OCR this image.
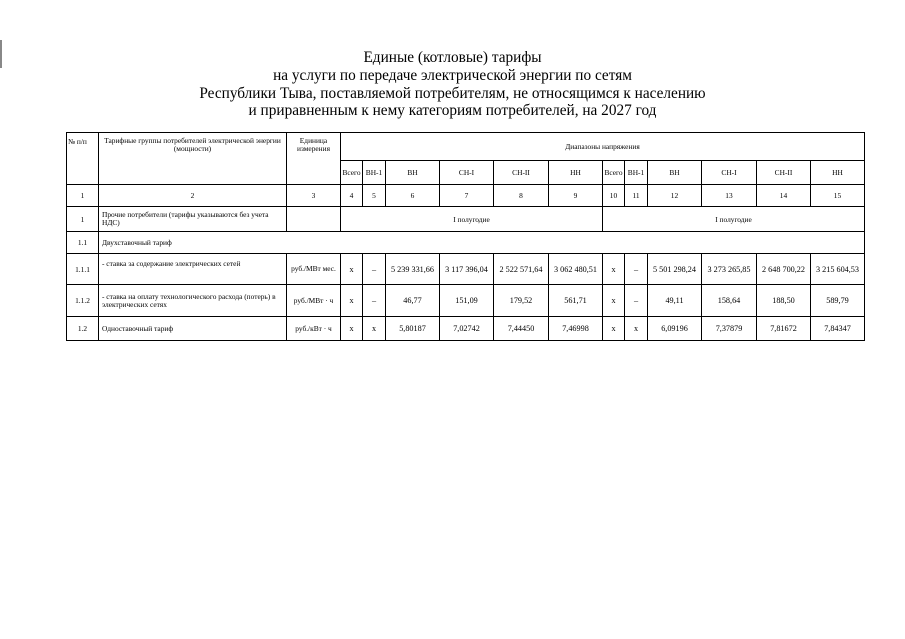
Единые (котловые) тарифы
на услуги по передаче электрической энергии по сетям
Республики Тыва, поставляемой потребителям, не относящимся к населению
и приравненным к нему категориям потребителей, на 2027 год
№ п/п	Тарифные группы потребителей электрической энергии (мощности)	Единица измерения	Диапазоны напряжения											
			Всего	ВН-1	ВН	СН-I	СН-II	НН	Всего	ВН-1	ВН	СН-I	СН-II	НН
1	2	3	4	5	6	7	8	9	10	11	12	13	14	15
1	Прочие потребители (тарифы указываются без учета НДС)		I полугодие						I полугодие					
1.1	Двухставочный тариф													
1.1.1	- ставка за содержание электрических сетей	руб./МВт мес.	x	–	5 239 331,66	3 117 396,04	2 522 571,64	3 062 480,51	x	–	5 501 298,24	3 273 265,85	2 648 700,22	3 215 604,53
1.1.2	- ставка на оплату технологического расхода (потерь) в электрических сетях	руб./МВт · ч	x	–	46,77	151,09	179,52	561,71	x	–	49,11	158,64	188,50	589,79
1.2	Одноставочный тариф	руб./кВт · ч	x	x	5,80187	7,02742	7,44450	7,46998	x	x	6,09196	7,37879	7,81672	7,84347
